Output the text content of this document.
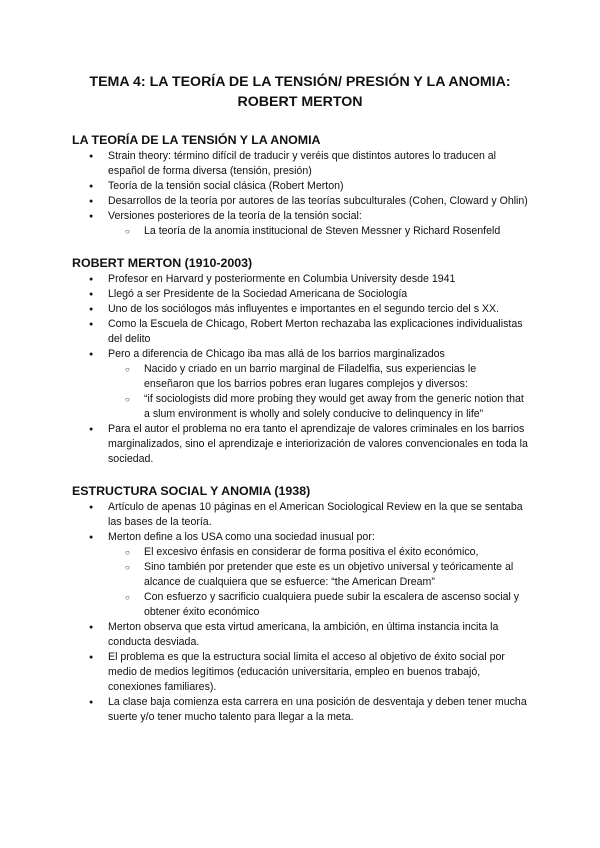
TEMA 4: LA TEORÍA DE LA TENSIÓN/ PRESIÓN Y LA ANOMIA:
ROBERT MERTON
LA TEORÍA DE LA TENSIÓN Y LA ANOMIA
● Strain theory: término difícil de traducir y veréis que distintos autores lo traducen al español de forma diversa (tensión, presión)
● Teoría de la tensión social clásica (Robert Merton)
● Desarrollos de la teoría por autores de las teorías subculturales (Cohen, Cloward y Ohlin)
● Versiones posteriores de la teoría de la tensión social:
○ La teoría de la anomia institucional de Steven Messner y Richard Rosenfeld
ROBERT MERTON (1910-2003)
● Profesor en Harvard y posteriormente en Columbia University desde 1941
● Llegó a ser Presidente de la Sociedad Americana de Sociología
● Uno de los sociólogos más influyentes e importantes en el segundo tercio del s XX.
● Como la Escuela de Chicago, Robert Merton rechazaba las explicaciones individualistas del delito
● Pero a diferencia de Chicago iba mas allá de los barrios marginalizados
○ Nacido y criado en un barrio marginal de Filadelfia, sus experiencias le enseñaron que los barrios pobres eran lugares complejos y diversos:
○ “if sociologists did more probing they would get away from the generic notion that a slum environment is wholly and solely conducive to delinquency in life”
● Para el autor el problema no era tanto el aprendizaje de valores criminales en los barrios marginalizados, sino el aprendizaje e interiorización de valores convencionales en toda la sociedad.
ESTRUCTURA SOCIAL Y ANOMIA (1938)
● Artículo de apenas 10 páginas en el American Sociological Review en la que se sentaba las bases de la teoría.
● Merton define a los USA como una sociedad inusual por:
○ El excesivo énfasis en considerar de forma positiva el éxito económico,
○ Sino también por pretender que este es un objetivo universal y teóricamente al alcance de cualquiera que se esfuerce: “the American Dream”
○ Con esfuerzo y sacrificio cualquiera puede subir la escalera de ascenso social y obtener éxito económico
● Merton observa que esta virtud americana, la ambición, en última instancia incita la conducta desviada.
● El problema es que la estructura social limita el acceso al objetivo de éxito social por medio de medios legítimos (educación universitaria, empleo en buenos trabajó, conexiones familiares).
● La clase baja comienza esta carrera en una posición de desventaja y deben tener mucha suerte y/o tener mucho talento para llegar a la meta.
